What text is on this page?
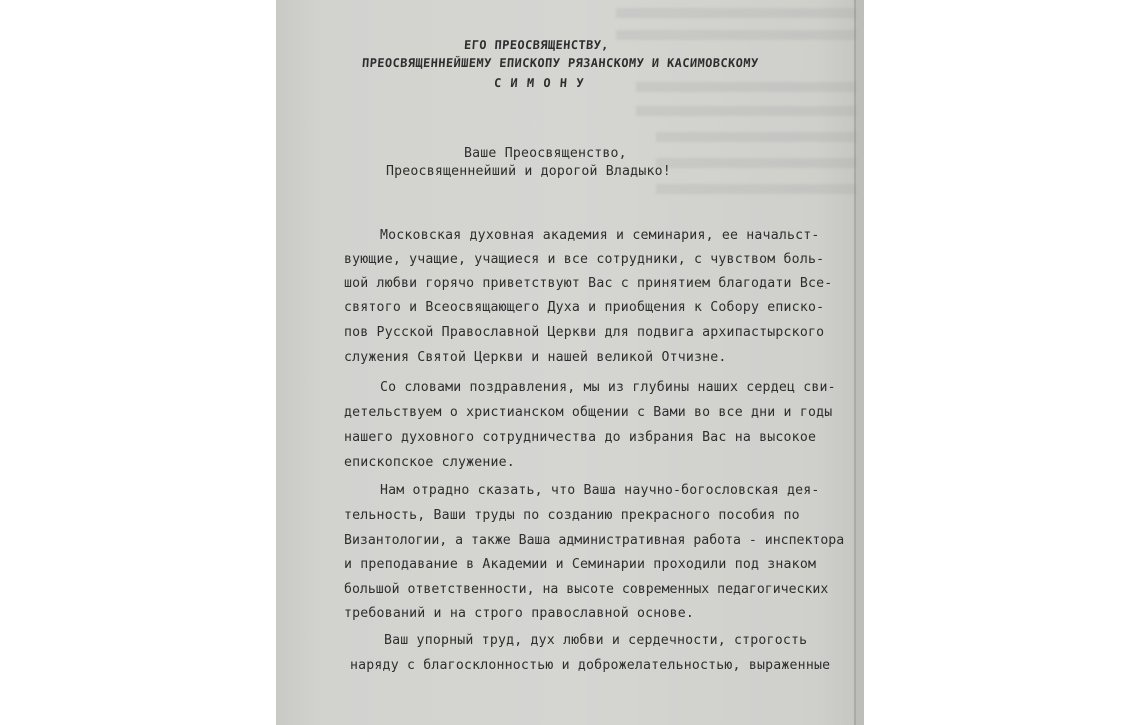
ЕГО ПРЕОСВЯЩЕНСТВУ,
ПРЕОСВЯЩЕННЕЙШЕМУ ЕПИСКОПУ РЯЗАНСКОМУ И КАСИМОВСКОМУ
С И М О Н У
Ваше Преосвященство,
Преосвященнейший и дорогой Владыко!
Московская духовная академия и семинария, ее начальст-
вующие, учащие, учащиеся и все сотрудники, с чувством боль-
шой любви горячо приветствуют Вас с принятием благодати Все-
святого и Всеосвящающего Духа и приобщения к Собору еписко-
пов Русской Православной Церкви для подвига архипастырского
служения Святой Церкви и нашей великой Отчизне.
Со словами поздравления, мы из глубины наших сердец сви-
детельствуем о христианском общении с Вами во все дни и годы
нашего духовного сотрудничества до избрания Вас на высокое
епископское служение.
Нам отрадно сказать, что Ваша научно-богословская дея-
тельность, Ваши труды по созданию прекрасного пособия по
Византологии, а также Ваша административная работа - инспектора
и преподавание в Академии и Семинарии проходили под знаком
большой ответственности, на высоте современных педагогических
требований и на строго православной основе.
Ваш упорный труд, дух любви и сердечности, строгость
наряду с благосклонностью и доброжелательностью, выраженные
